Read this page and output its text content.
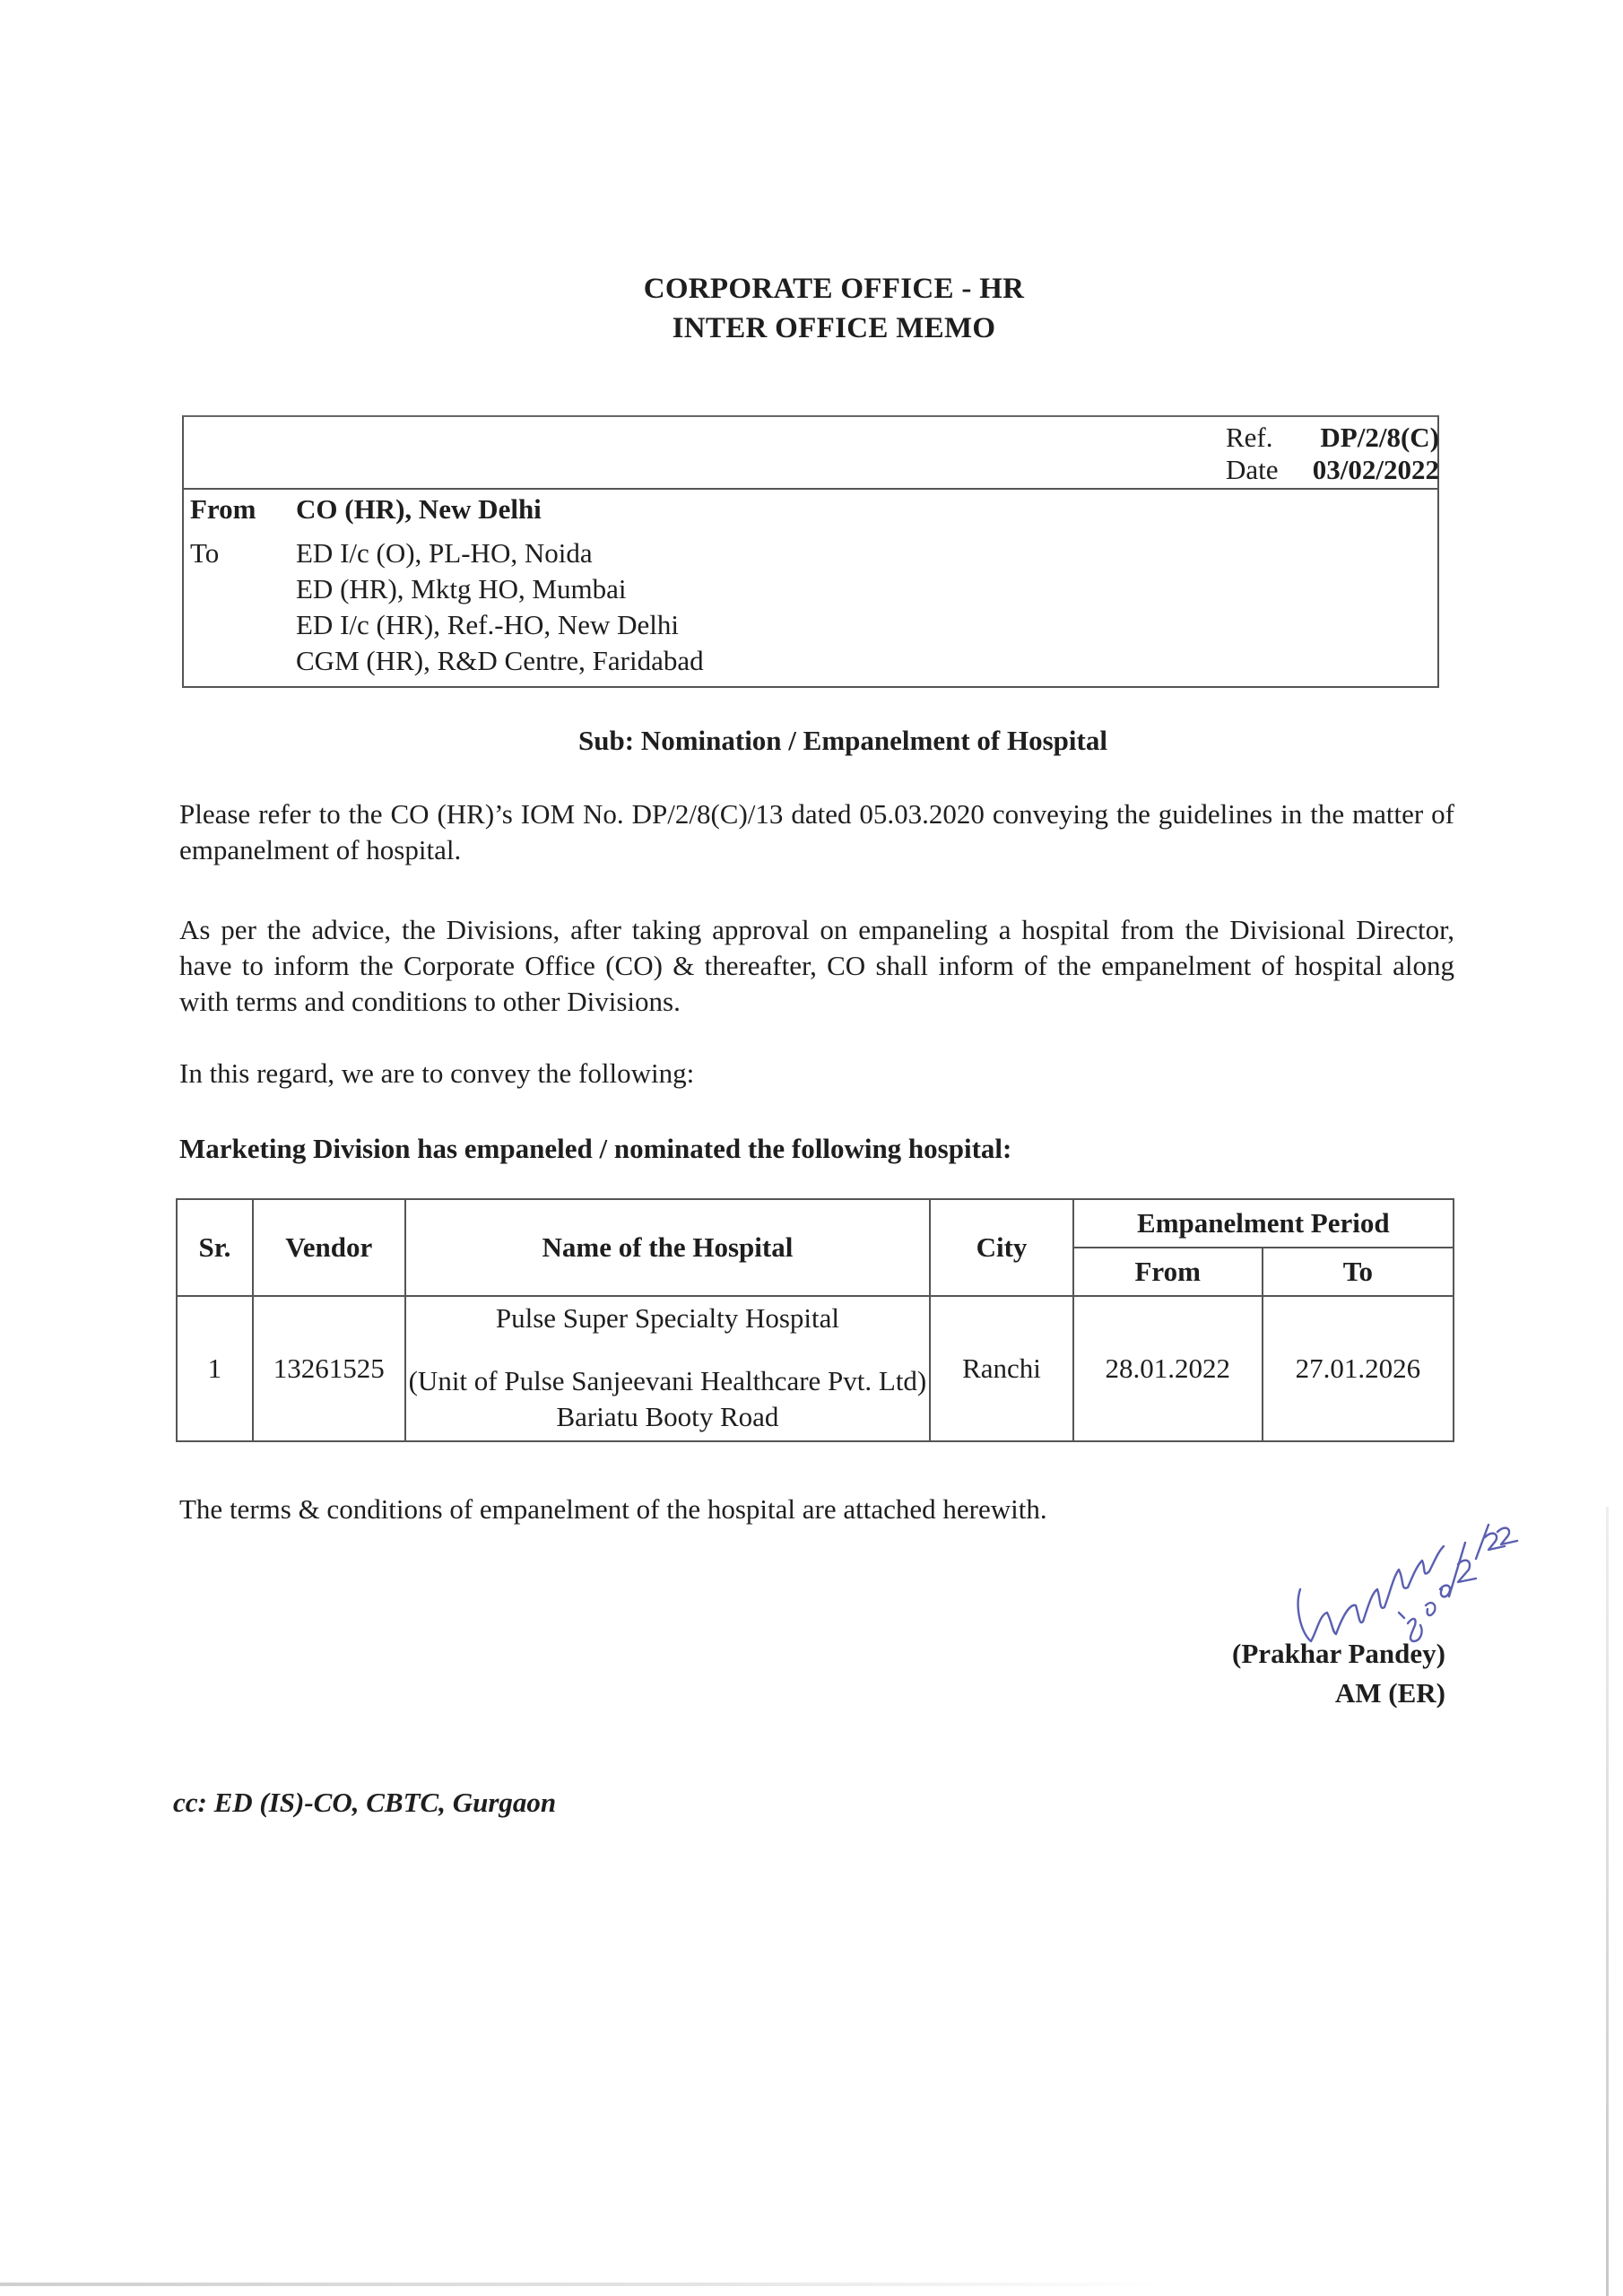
CORPORATE OFFICE - HR
INTER OFFICE MEMO
Ref. DP/2/8(C)
Date 03/02/2022
From CO (HR), New Delhi
To	ED I/c (O), PL-HO, Noida
ED (HR), Mktg HO, Mumbai
ED I/c (HR), Ref.-HO, New Delhi
CGM (HR), R&D Centre, Faridabad
Sub: Nomination / Empanelment of Hospital
Please refer to the CO (HR)’s IOM No. DP/2/8(C)/13 dated 05.03.2020 conveying the guidelines in the matter of empanelment of hospital.
As per the advice, the Divisions, after taking approval on empaneling a hospital from the Divisional Director, have to inform the Corporate Office (CO) & thereafter, CO shall inform of the empanelment of hospital along with terms and conditions to other Divisions.
In this regard, we are to convey the following:
Marketing Division has empaneled / nominated the following hospital:
Sr.	Vendor	Name of the Hospital	City	Empanelment Period	
				From	To
1	13261525	Pulse Super Specialty Hospital
(Unit of Pulse Sanjeevani Healthcare Pvt. Ltd) Bariatu Booty Road	Ranchi	28.01.2022	27.01.2026
The terms & conditions of empanelment of the hospital are attached herewith.
(Prakhar Pandey)
AM (ER)
cc: ED (IS)-CO, CBTC, Gurgaon
